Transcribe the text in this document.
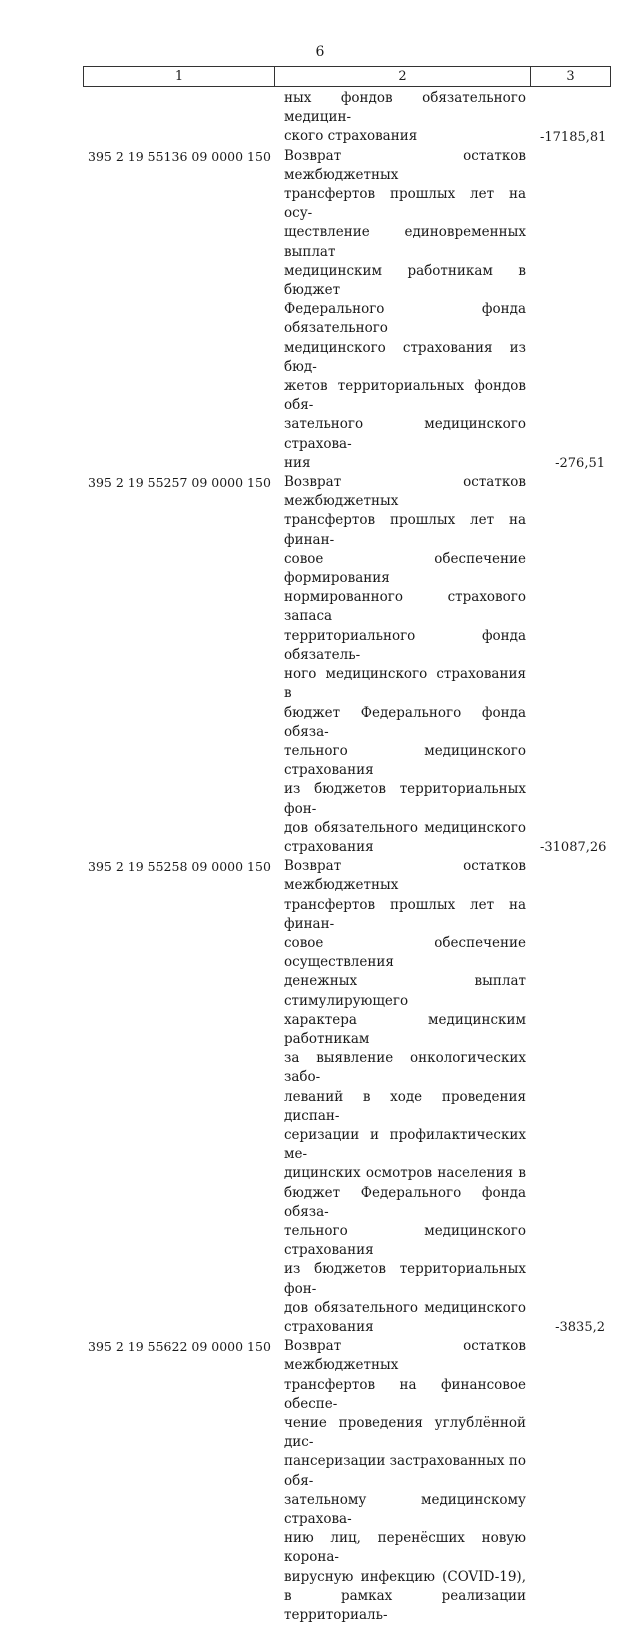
6
1	2	3
ных фондов обязательного медицин-
ского страхования	-17185,81
395 2 19 55136 09 0000 150 Возврат остатков межбюджетных
трансфертов прошлых лет на осу-
ществление единовременных выплат
медицинским работникам в бюджет
Федерального фонда обязательного
медицинского страхования из бюд-
жетов территориальных фондов обя-
зательного медицинского страхова-
ния	-276,51
395 2 19 55257 09 0000 150 Возврат остатков межбюджетных
трансфертов прошлых лет на финан-
совое обеспечение формирования
нормированного страхового запаса
территориального фонда обязатель-
ного медицинского страхования в
бюджет Федерального фонда обяза-
тельного медицинского страхования
из бюджетов территориальных фон-
дов обязательного медицинского
страхования	-31087,26
395 2 19 55258 09 0000 150 Возврат остатков межбюджетных
трансфертов прошлых лет на финан-
совое обеспечение осуществления
денежных выплат стимулирующего
характера медицинским работникам
за выявление онкологических забо-
леваний в ходе проведения диспан-
серизации и профилактических ме-
дицинских осмотров населения в
бюджет Федерального фонда обяза-
тельного медицинского страхования
из бюджетов территориальных фон-
дов обязательного медицинского
страхования	-3835,2
395 2 19 55622 09 0000 150 Возврат остатков межбюджетных
трансфертов на финансовое обеспе-
чение проведения углублённой дис-
пансеризации застрахованных по обя-
зательному медицинскому страхова-
нию лиц, перенёсших новую корона-
вирусную инфекцию (COVID-19),
в рамках реализации территориаль-
